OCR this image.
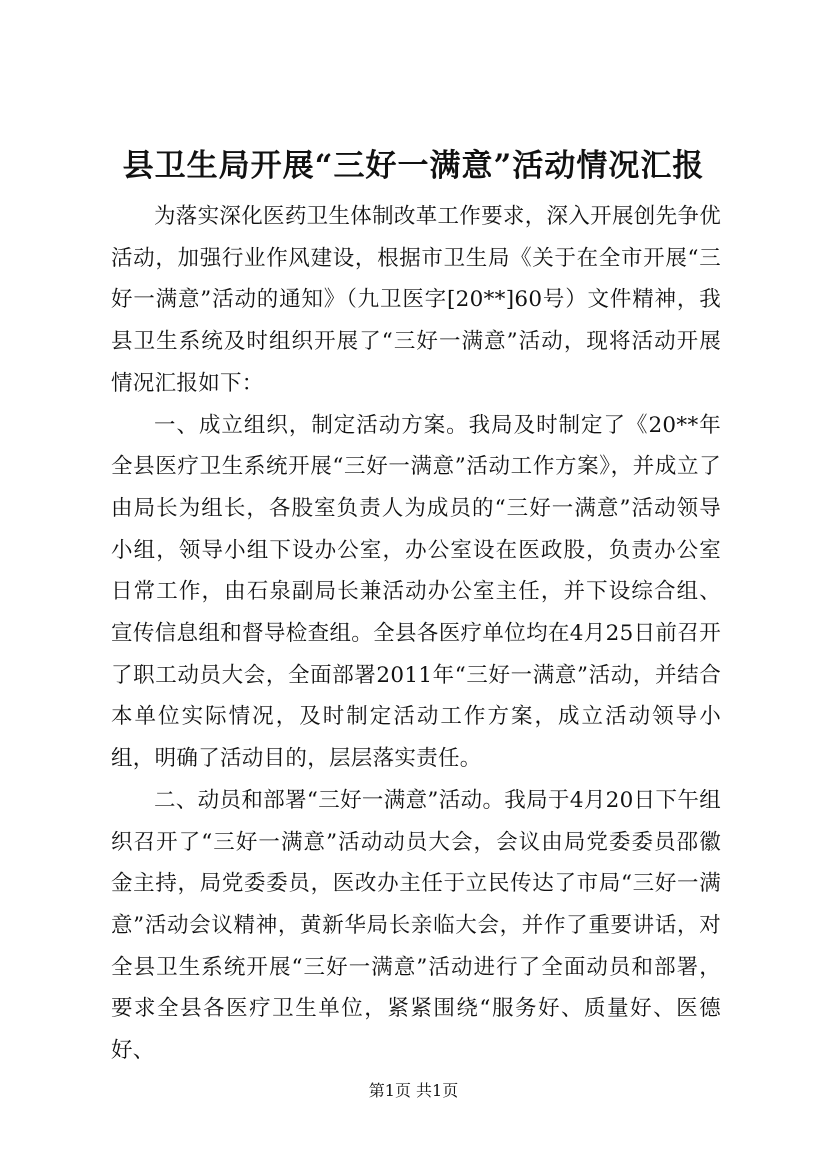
县卫生局开展“三好一满意”活动情况汇报

为落实深化医药卫生体制改革工作要求，深入开展创先争优活动，加强行业作风建设，根据市卫生局《关于在全市开展“三好一满意”活动的通知》（九卫医字[20**]60号）文件精神，我县卫生系统及时组织开展了“三好一满意”活动，现将活动开展情况汇报如下：

一、成立组织，制定活动方案。我局及时制定了《20**年全县医疗卫生系统开展“三好一满意”活动工作方案》，并成立了由局长为组长，各股室负责人为成员的“三好一满意”活动领导小组，领导小组下设办公室，办公室设在医政股，负责办公室日常工作，由石泉副局长兼活动办公室主任，并下设综合组、宣传信息组和督导检查组。全县各医疗单位均在4月25日前召开了职工动员大会，全面部署2011年“三好一满意”活动，并结合本单位实际情况，及时制定活动工作方案，成立活动领导小组，明确了活动目的，层层落实责任。

二、动员和部署“三好一满意”活动。我局于4月20日下午组织召开了“三好一满意”活动动员大会，会议由局党委委员邵徽金主持，局党委委员，医改办主任于立民传达了市局“三好一满意”活动会议精神，黄新华局长亲临大会，并作了重要讲话，对全县卫生系统开展“三好一满意”活动进行了全面动员和部署，要求全县各医疗卫生单位，紧紧围绕“服务好、质量好、医德好、

第1页 共1页
